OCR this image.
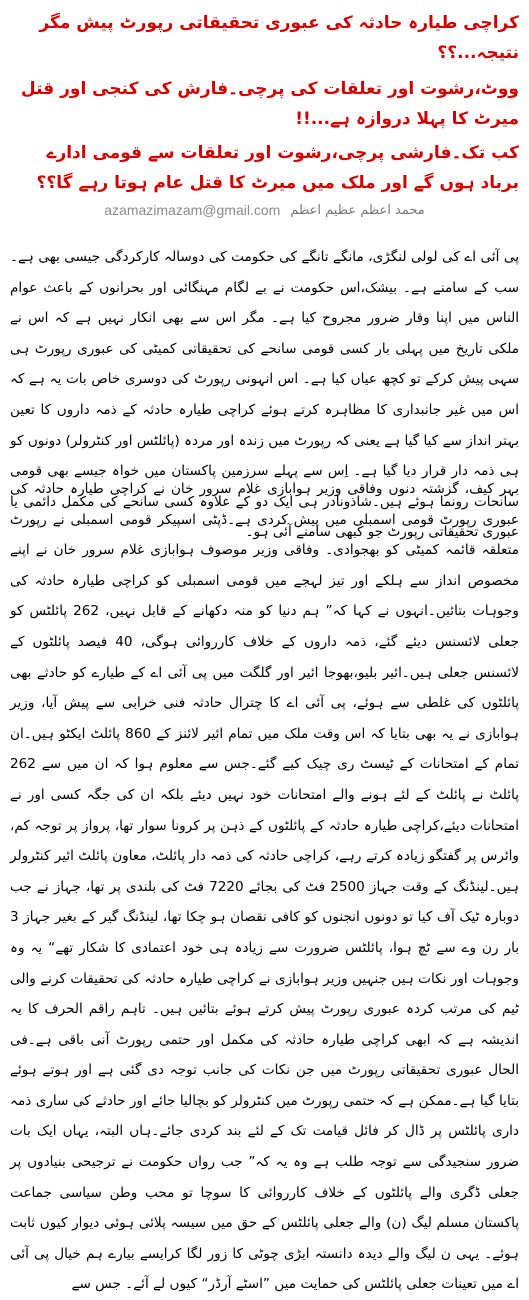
کراچی طیارہ حادثہ کی عبوری تحقیقاتی رپورٹ پیش مگر نتیجہ...؟؟

ووٹ،رشوت اور تعلقات کی پرچی۔فارش کی کنجی اور قتل میرٹ کا پہلا دروازہ ہے...!!

کب تک۔فارشی پرچی،رشوت اور تعلقات سے قومی ادارے برباد ہوں گے اور ملک میں میرٹ کا قتل عام ہوتا رہے گا؟؟

محمد اعظم عظیم اعظم
azamazimazam@gmail.com

پی آئی اے کی لولی لنگڑی، مانگے تانگے کی حکومت کی دوسالہ کارکردگی جیسی بھی ہے۔سب کے سامنے ہے۔ بیشک،اس حکومت نے بے لگام مہنگائی اور بحرانوں کے باعث عوام الناس میں اپنا وقار ضرور مجروح کیا ہے۔ مگر اس سے بھی انکار نہیں ہے کہ اس نے ملکی تاریخ میں پہلی بار کسی قومی سانحے کی تحقیقاتی کمیٹی کی عبوری رپورٹ ہی سہی پیش کرکے تو کچھ عیاں کیا ہے۔ اس انہونی رپورٹ کی دوسری خاص بات یہ ہے کہ اس میں غیر جانبداری کا مظاہرہ کرتے ہوئے کراچی طیارہ حادثہ کے ذمہ داروں کا تعین بہتر انداز سے کیا گیا ہے یعنی کہ رپورٹ میں زندہ اور مردہ (پائلٹس اور کنٹرولر) دونوں کو ہی ذمہ دار قرار دیا گیا ہے۔ اِس سے پہلے سرزمین پاکستان میں خواہ جیسے بھی قومی سانحات رونما ہوئے ہیں۔شاذونادر ہی ایک دو کے علاوہ کسی سانحے کی مکمل دائمی یا عبوری تحقیقاتی رپورٹ جو کبھی سامنے آئی ہو۔

بہر کیف، گزشتہ دنوں وفاقی وزیر ہوابازی غلام سرور خان نے کراچی طیارہ حادثہ کی عبوری رپورٹ قومی اسمبلی میں پیش کردی ہے۔ڈپٹی اسپیکر قومی اسمبلی نے رپورٹ متعلقہ قائمہ کمیٹی کو بھجوادی۔ وفاقی وزیر موصوف ہوابازی غلام سرور خان نے اپنے مخصوص انداز سے ہلکے اور تیز لہجے میں قومی اسمبلی کو کراچی طیارہ حادثہ کی وجوہات بتائیں۔انہوں نے کہا کہ” ہم دنیا کو منہ دکھانے کے قابل نہیں، 262 پائلٹس کو جعلی لائسنس دیئے گئے، ذمہ داروں کے خلاف کارروائی ہوگی، 40 فیصد پائلٹوں کے لائسنس جعلی ہیں۔ائیر بلیو،بھوجا ائیر اور گلگت میں پی آئی اے کے طیارے کو حادثے بھی پائلٹوں کی غلطی سے ہوئے، پی آئی اے کا چترال حادثہ فنی خرابی سے پیش آیا، وزیر ہوابازی نے یہ بھی بتایا کہ اس وقت ملک میں تمام ائیر لائنز کے 860 پائلٹ ایکٹو ہیں۔ان تمام کے امتحانات کے ٹیسٹ ری چیک کیے گئے۔جس سے معلوم ہوا کہ ان میں سے 262 پائلٹ نے پائلٹ کے لئے ہونے والے امتحانات خود نہیں دیئے بلکہ ان کی جگہ کسی اور نے امتحانات دیئے،کراچی طیارہ حادثہ کے پائلٹوں کے ذہن پر کرونا سوار تھا، پرواز پر توجہ کم، وائرس پر گفتگو زیادہ کرتے رہے، کراچی حادثہ کی ذمہ دار پائلٹ، معاون پائلٹ ائیر کنٹرولر ہیں۔لینڈنگ کے وقت جہاز 2500 فٹ کی بجائے 7220 فٹ کی بلندی پر تھا، جہاز نے جب دوبارہ ٹیک آف کیا تو دونوں انجنوں کو کافی نقصان ہو چکا تھا، لینڈنگ گیر کے بغیر جہاز 3 بار رن وے سے ٹچ ہوا، پائلٹس ضرورت سے زیادہ ہی خود اعتمادی کا شکار تھے“ یہ وہ وجوہات اور نکات ہیں جنہیں وزیر ہوابازی نے کراچی طیارہ حادثہ کی تحقیقات کرنے والی ٹیم کی مرتب کردہ عبوری رپورٹ پیش کرتے ہوئے بتائیں ہیں۔ تاہم راقم الحرف کا یہ اندیشہ ہے کہ ابھی کراچی طیارہ حادثہ کی مکمل اور حتمی رپورٹ آنی باقی ہے۔فی الحال عبوری تحقیقاتی رپورٹ میں جن نکات کی جانب توجہ دی گئی ہے اور ہوتے ہوئے بتایا گیا ہے۔ممکن ہے کہ حتمی رپورٹ میں کنٹرولر کو بچالیا جائے اور حادثے کی ساری ذمہ داری پائلٹس پر ڈال کر فائل قیامت تک کے لئے بند کردی جائے۔ہاں البتہ، یہاں ایک بات ضرور سنجیدگی سے توجہ طلب ہے وہ یہ کہ” جب رواں حکومت نے ترجیحی بنیادوں پر جعلی ڈگری والے پائلٹوں کے خلاف کارروائی کا سوچا تو محب وطن سیاسی جماعت پاکستان مسلم لیگ (ن) والے جعلی پائلٹس کے حق میں سیسہ پلائی ہوئی دیوار کیوں ثابت ہوئے۔ یہی ن لیگ والے دیدہ دانستہ ایڑی چوٹی کا زور لگا کرایسے بیارے ہم خیال پی آئی اے میں تعینات جعلی پائلٹس کی حمایت میں ”اسٹے آرڈر“ کیوں لے آئے۔ جس سے
